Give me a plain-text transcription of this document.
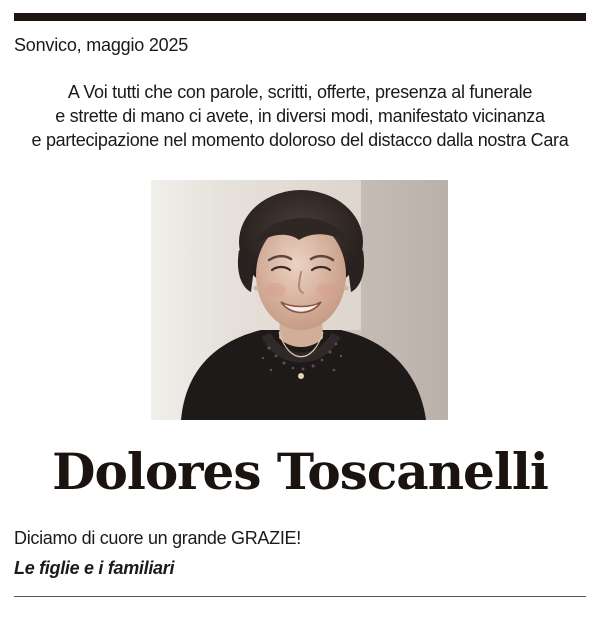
Sonvico, maggio 2025
A Voi tutti che con parole, scritti, offerte, presenza al funerale
e strette di mano ci avete, in diversi modi, manifestato vicinanza
e partecipazione nel momento doloroso del distacco dalla nostra Cara
Dolores Toscanelli
Diciamo di cuore un grande GRAZIE!
Le figlie e i familiari
